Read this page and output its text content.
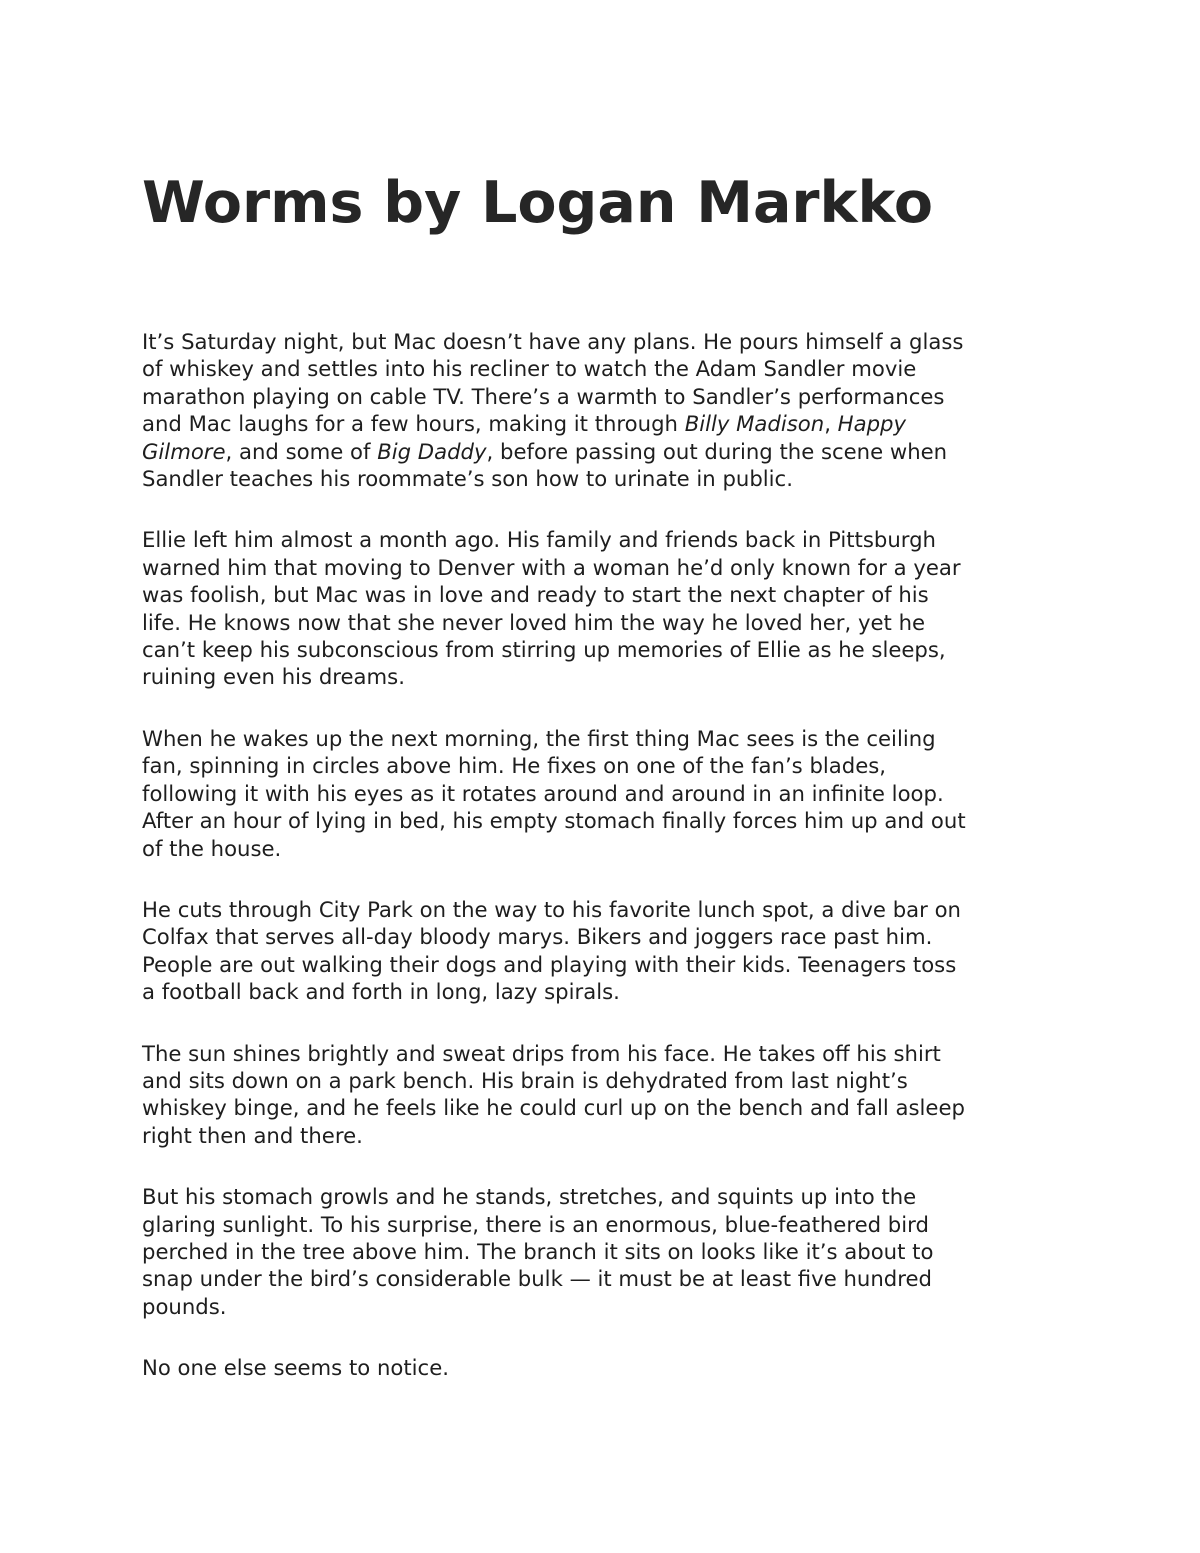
Worms by Logan Markko

It’s Saturday night, but Mac doesn’t have any plans. He pours himself a glass
of whiskey and settles into his recliner to watch the Adam Sandler movie
marathon playing on cable TV. There’s a warmth to Sandler’s performances
and Mac laughs for a few hours, making it through Billy Madison, Happy
Gilmore, and some of Big Daddy, before passing out during the scene when
Sandler teaches his roommate’s son how to urinate in public.

Ellie left him almost a month ago. His family and friends back in Pittsburgh
warned him that moving to Denver with a woman he’d only known for a year
was foolish, but Mac was in love and ready to start the next chapter of his
life. He knows now that she never loved him the way he loved her, yet he
can’t keep his subconscious from stirring up memories of Ellie as he sleeps,
ruining even his dreams.

When he wakes up the next morning, the first thing Mac sees is the ceiling
fan, spinning in circles above him. He fixes on one of the fan’s blades,
following it with his eyes as it rotates around and around in an infinite loop.
After an hour of lying in bed, his empty stomach finally forces him up and out
of the house.

He cuts through City Park on the way to his favorite lunch spot, a dive bar on
Colfax that serves all-day bloody marys. Bikers and joggers race past him.
People are out walking their dogs and playing with their kids. Teenagers toss
a football back and forth in long, lazy spirals.

The sun shines brightly and sweat drips from his face. He takes off his shirt
and sits down on a park bench. His brain is dehydrated from last night’s
whiskey binge, and he feels like he could curl up on the bench and fall asleep
right then and there.

But his stomach growls and he stands, stretches, and squints up into the
glaring sunlight. To his surprise, there is an enormous, blue-feathered bird
perched in the tree above him. The branch it sits on looks like it’s about to
snap under the bird’s considerable bulk — it must be at least five hundred
pounds.

No one else seems to notice.
